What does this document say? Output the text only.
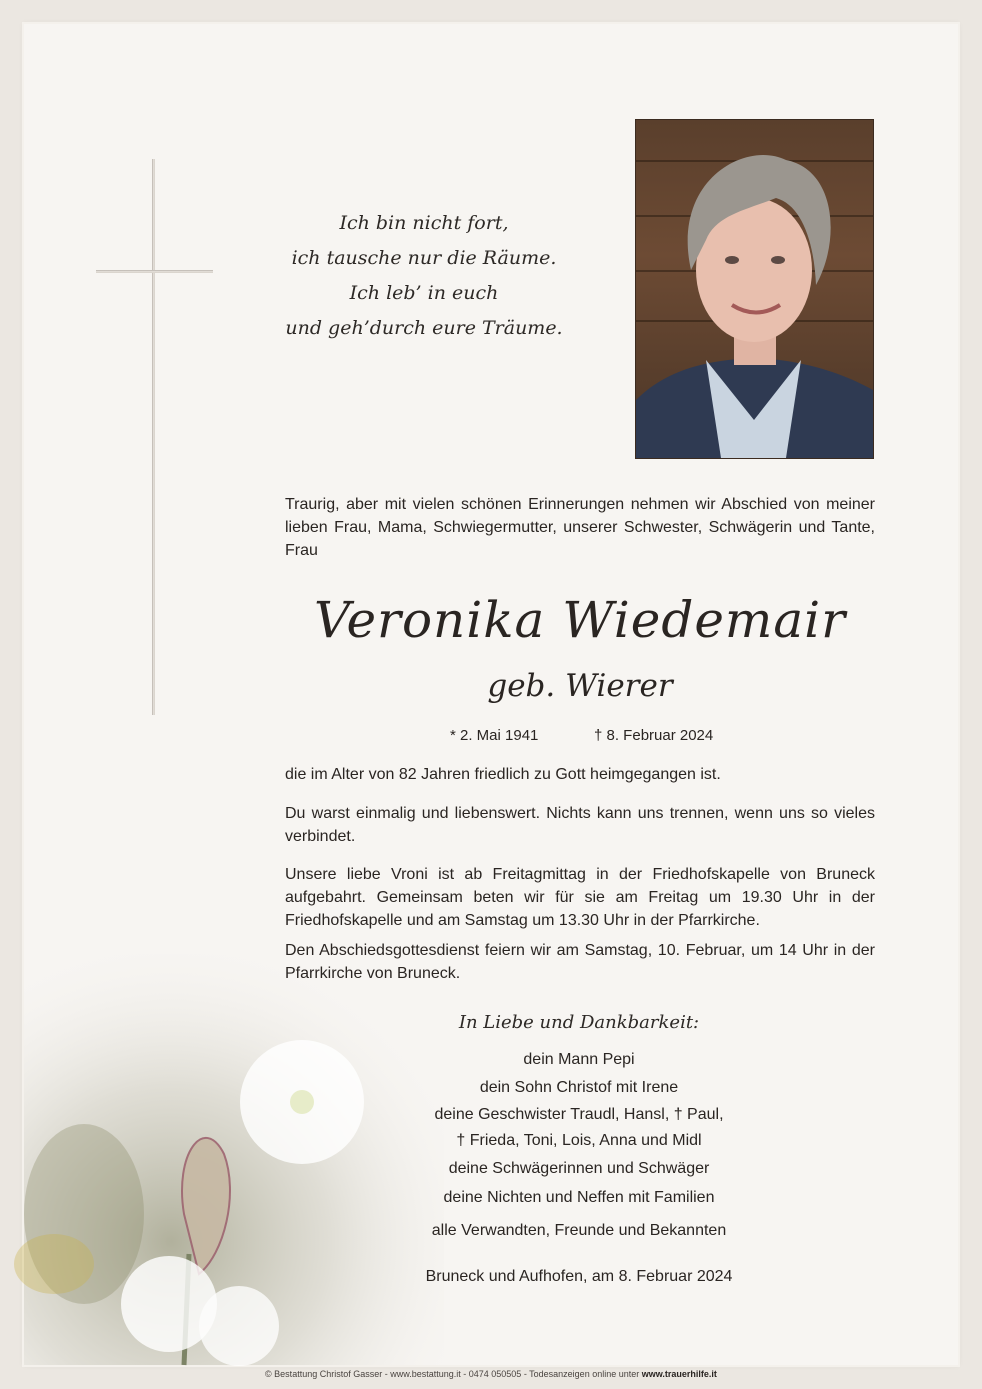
Ich bin nicht fort,
ich tausche nur die Räume.
Ich leb’ in euch
und geh’durch eure Träume.
Traurig, aber mit vielen schönen Erinnerungen nehmen wir Abschied von meiner lieben Frau, Mama, Schwiegermutter, unserer Schwester, Schwägerin und Tante, Frau
Veronika Wiedemair
geb. Wierer
* 2. Mai 1941	† 8. Februar 2024
die im Alter von 82 Jahren friedlich zu Gott heimgegangen ist.
Du warst einmalig und liebenswert. Nichts kann uns trennen, wenn uns so vieles verbindet.
Unsere liebe Vroni ist ab Freitagmittag in der Friedhofskapelle von Bruneck aufgebahrt. Gemeinsam beten wir für sie am Freitag um 19.30 Uhr in der Friedhofskapelle und am Samstag um 13.30 Uhr in der Pfarrkirche.
Den Abschiedsgottesdienst feiern wir am Samstag, 10. Februar, um 14 Uhr in der Pfarrkirche von Bruneck.
In Liebe und Dankbarkeit:
dein Mann Pepi
dein Sohn Christof mit Irene
deine Geschwister Traudl, Hansl, † Paul,
† Frieda, Toni, Lois, Anna und Midl
deine Schwägerinnen und Schwäger
deine Nichten und Neffen mit Familien
alle Verwandten, Freunde und Bekannten
Bruneck und Aufhofen, am 8. Februar 2024
© Bestattung Christof Gasser - www.bestattung.it - 0474 050505 - Todesanzeigen online unter www.trauerhilfe.it
